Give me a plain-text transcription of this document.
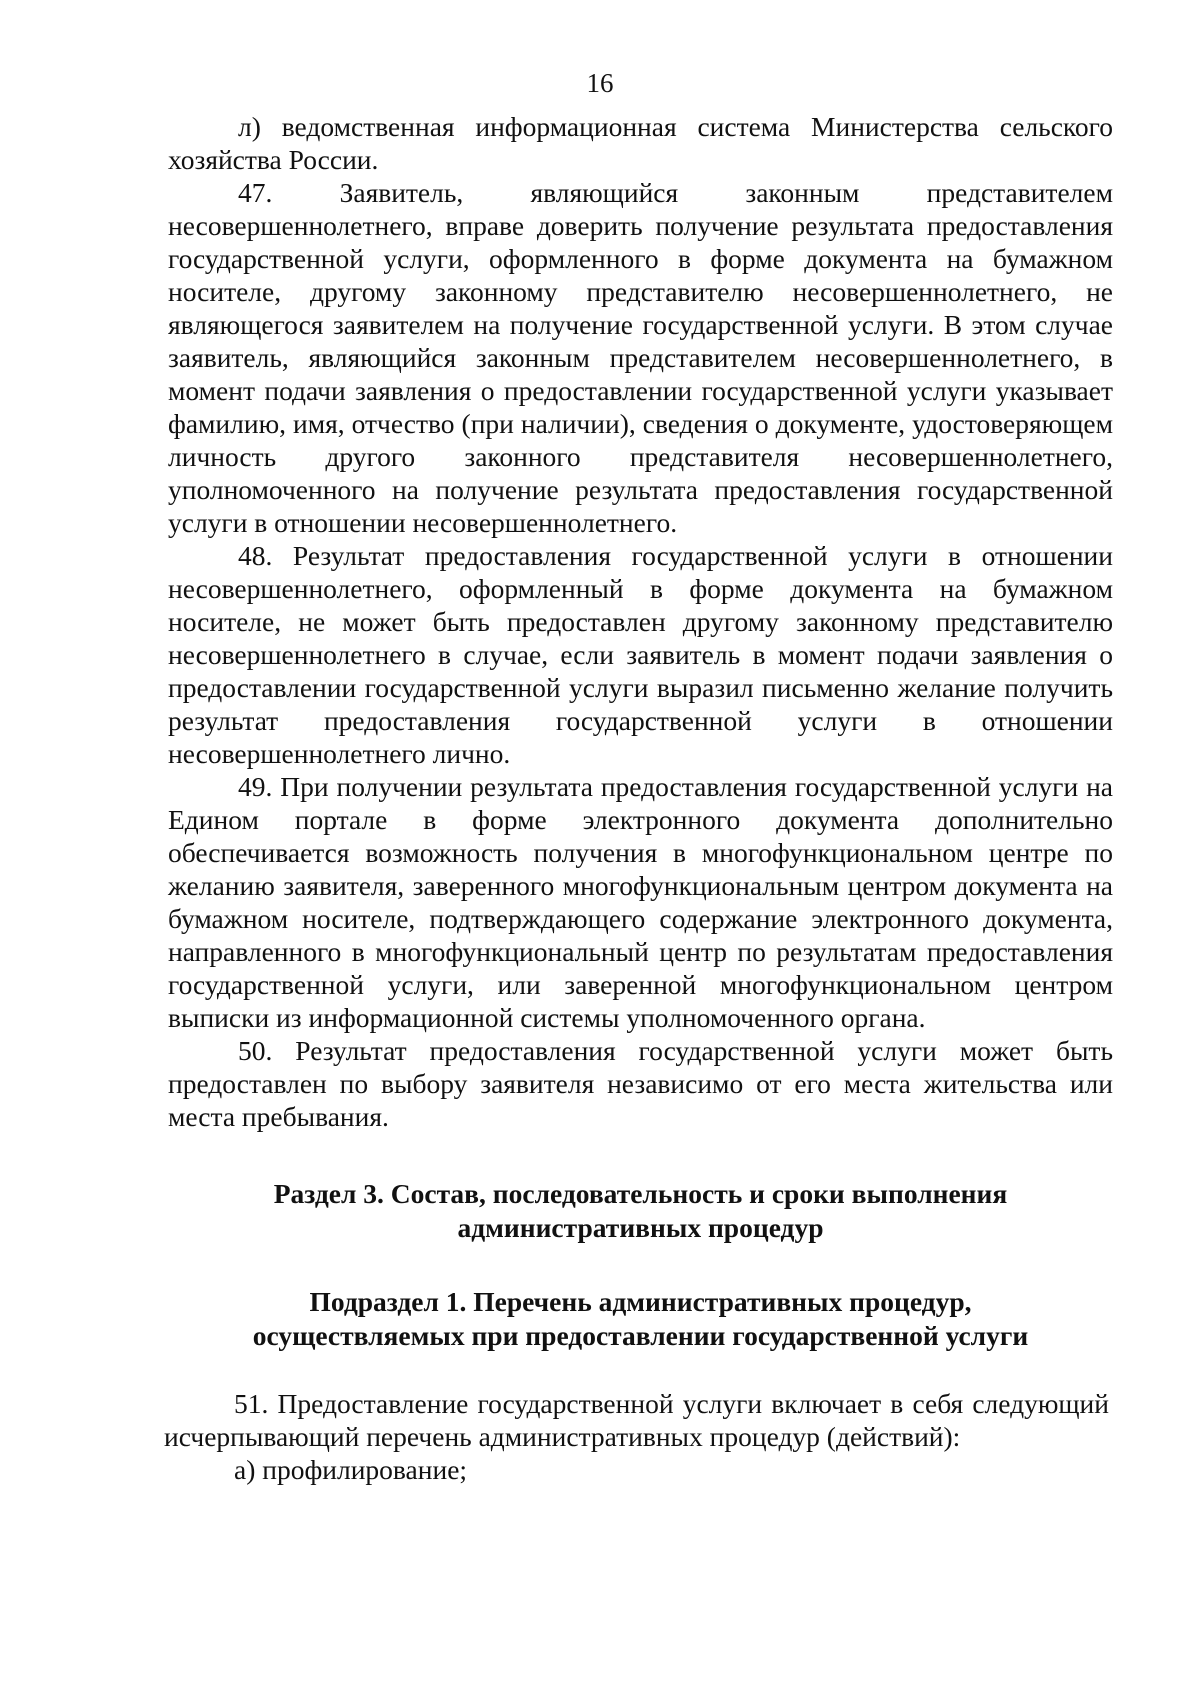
16

л) ведомственная информационная система Министерства сельского хозяйства России.

47. Заявитель, являющийся законным представителем несовершеннолетнего, вправе доверить получение результата предоставления государственной услуги, оформленного в форме документа на бумажном носителе, другому законному представителю несовершеннолетнего, не являющегося заявителем на получение государственной услуги. В этом случае заявитель, являющийся законным представителем несовершеннолетнего, в момент подачи заявления о предоставлении государственной услуги указывает фамилию, имя, отчество (при наличии), сведения о документе, удостоверяющем личность другого законного представителя несовершеннолетнего, уполномоченного на получение результата предоставления государственной услуги в отношении несовершеннолетнего.

48. Результат предоставления государственной услуги в отношении несовершеннолетнего, оформленный в форме документа на бумажном носителе, не может быть предоставлен другому законному представителю несовершеннолетнего в случае, если заявитель в момент подачи заявления о предоставлении государственной услуги выразил письменно желание получить результат предоставления государственной услуги в отношении несовершеннолетнего лично.

49. При получении результата предоставления государственной услуги на Едином портале в форме электронного документа дополнительно обеспечивается возможность получения в многофункциональном центре по желанию заявителя, заверенного многофункциональным центром документа на бумажном носителе, подтверждающего содержание электронного документа, направленного в многофункциональный центр по результатам предоставления государственной услуги, или заверенной многофункциональном центром выписки из информационной системы уполномоченного органа.

50. Результат предоставления государственной услуги может быть предоставлен по выбору заявителя независимо от его места жительства или места пребывания.

Раздел 3. Состав, последовательность и сроки выполнения
административных процедур
Подраздел 1. Перечень административных процедур,
осуществляемых при предоставлении государственной услуги

51. Предоставление государственной услуги включает в себя следующий исчерпывающий перечень административных процедур (действий):

а) профилирование;
